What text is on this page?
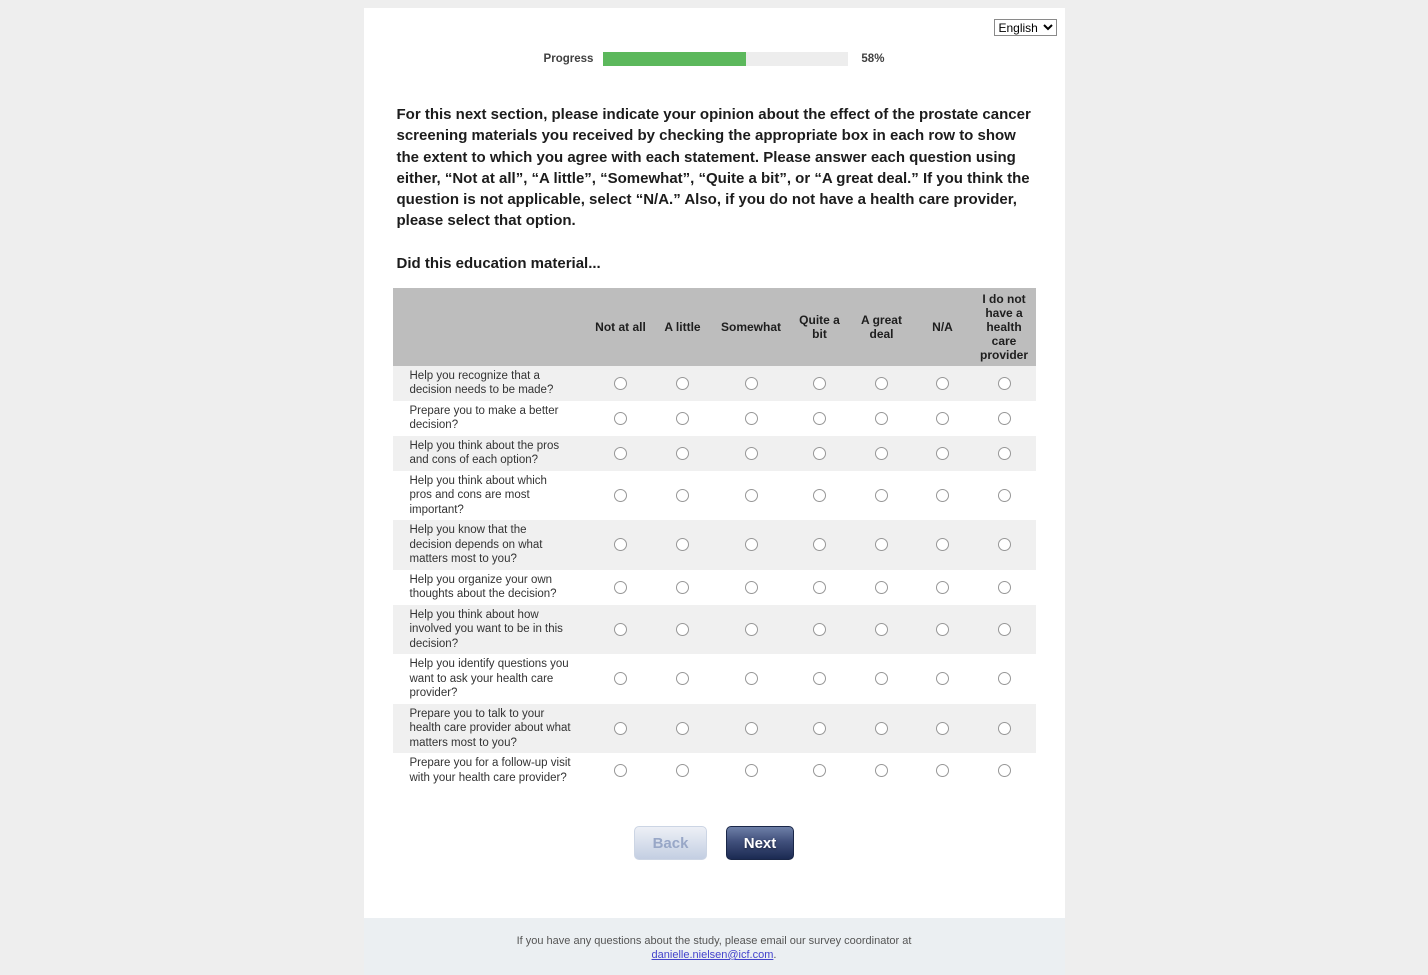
English
Progress	58%
For this next section, please indicate your opinion about the effect of the prostate cancer screening materials you received by checking the appropriate box in each row to show the extent to which you agree with each statement. Please answer each question using either, “Not at all”, “A little”, “Somewhat”, “Quite a bit”, or “A great deal.” If you think the question is not applicable, select “N/A.” Also, if you do not have a health care provider, please select that option.
Did this education material...
	Not at all	A little	Somewhat	Quite a bit	A great deal	N/A	I do not have a health care provider
Help you recognize that a decision needs to be made?							
Prepare you to make a better decision?							
Help you think about the pros and cons of each option?							
Help you think about which pros and cons are most important?							
Help you know that the decision depends on what matters most to you?							
Help you organize your own thoughts about the decision?							
Help you think about how involved you want to be in this decision?							
Help you identify questions you want to ask your health care provider?							
Prepare you to talk to your health care provider about what matters most to you?							
Prepare you for a follow-up visit with your health care provider?							
Back	Next
If you have any questions about the study, please email our survey coordinator at
danielle.nielsen@icf.com.
